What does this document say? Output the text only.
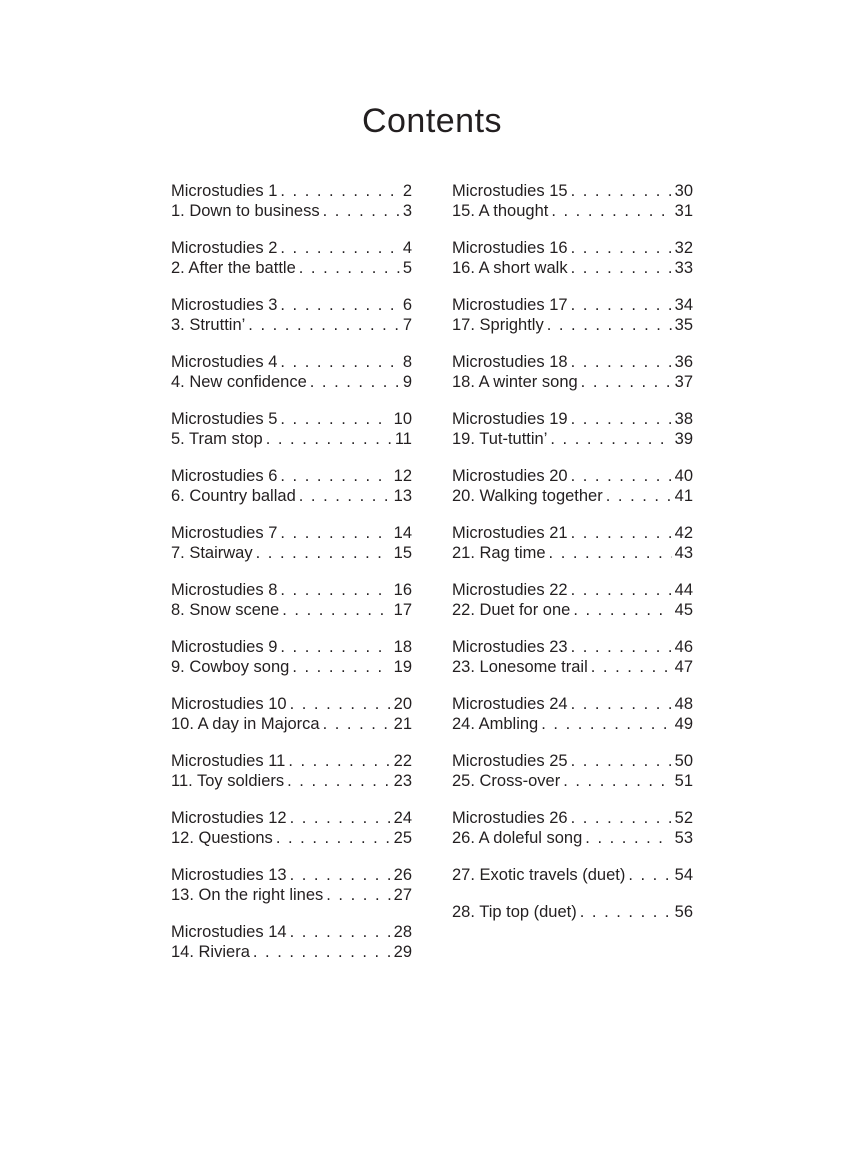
Contents
Microstudies 1 . . .	2
1. Down to business . . .	3
Microstudies 2 . . .	4
2. After the battle . . .	5
Microstudies 3 . . .	6
3. Struttin’ . . .	7
Microstudies 4 . . .	8
4. New confidence . . .	9
Microstudies 5 . . .	10
5. Tram stop . . .	11
Microstudies 6 . . .	12
6. Country ballad . . .	13
Microstudies 7 . . .	14
7. Stairway . . .	15
Microstudies 8 . . .	16
8. Snow scene . . .	17
Microstudies 9 . . .	18
9. Cowboy song . . .	19
Microstudies 10 . . .	20
10. A day in Majorca . . .	21
Microstudies 11 . . .	22
11. Toy soldiers . . .	23
Microstudies 12 . . .	24
12. Questions . . .	25
Microstudies 13 . . .	26
13. On the right lines . . .	27
Microstudies 14 . . .	28
14. Riviera . . .	29
Microstudies 15 . . .	30
15. A thought . . .	31
Microstudies 16 . . .	32
16. A short walk . . .	33
Microstudies 17 . . .	34
17. Sprightly . . .	35
Microstudies 18 . . .	36
18. A winter song . . .	37
Microstudies 19 . . .	38
19. Tut-tuttin’ . . .	39
Microstudies 20 . . .	40
20. Walking together . . .	41
Microstudies 21 . . .	42
21. Rag time . . .	43
Microstudies 22 . . .	44
22. Duet for one . . .	45
Microstudies 23 . . .	46
23. Lonesome trail . . .	47
Microstudies 24 . . .	48
24. Ambling . . .	49
Microstudies 25 . . .	50
25. Cross-over . . .	51
Microstudies 26 . . .	52
26. A doleful song . . .	53
27. Exotic travels (duet) . . .	54
28. Tip top (duet) . . .	56
